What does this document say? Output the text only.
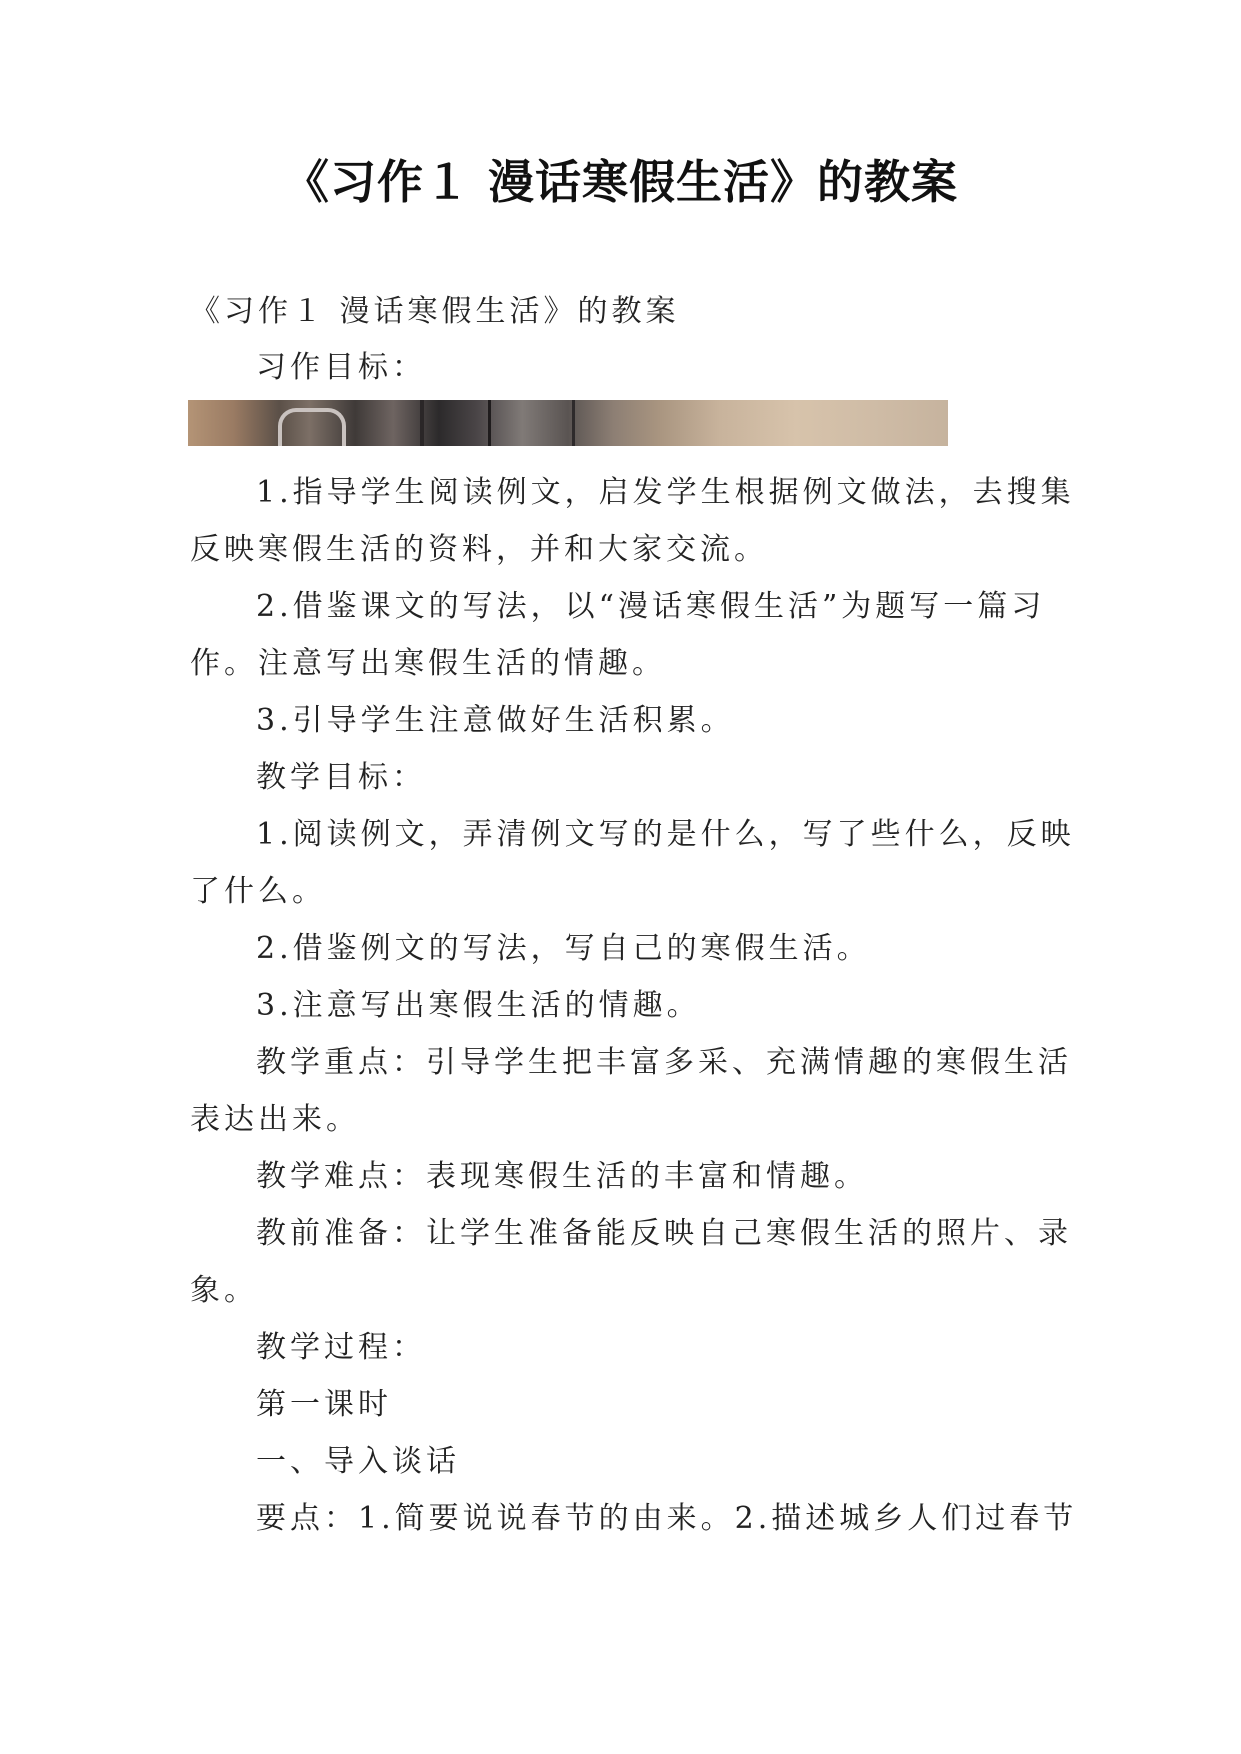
《习作１ 漫话寒假生活》的教案
《习作１ 漫话寒假生活》的教案
习作目标：
1.指导学生阅读例文，启发学生根据例文做法，去搜集
反映寒假生活的资料，并和大家交流。
2.借鉴课文的写法，以“漫话寒假生活”为题写一篇习
作。注意写出寒假生活的情趣。
3.引导学生注意做好生活积累。
教学目标：
1.阅读例文，弄清例文写的是什么，写了些什么，反映
了什么。
2.借鉴例文的写法，写自己的寒假生活。
3.注意写出寒假生活的情趣。
教学重点：引导学生把丰富多采、充满情趣的寒假生活
表达出来。
教学难点：表现寒假生活的丰富和情趣。
教前准备：让学生准备能反映自己寒假生活的照片、录
象。
教学过程：
第一课时
一、导入谈话
要点：1.简要说说春节的由来。2.描述城乡人们过春节
